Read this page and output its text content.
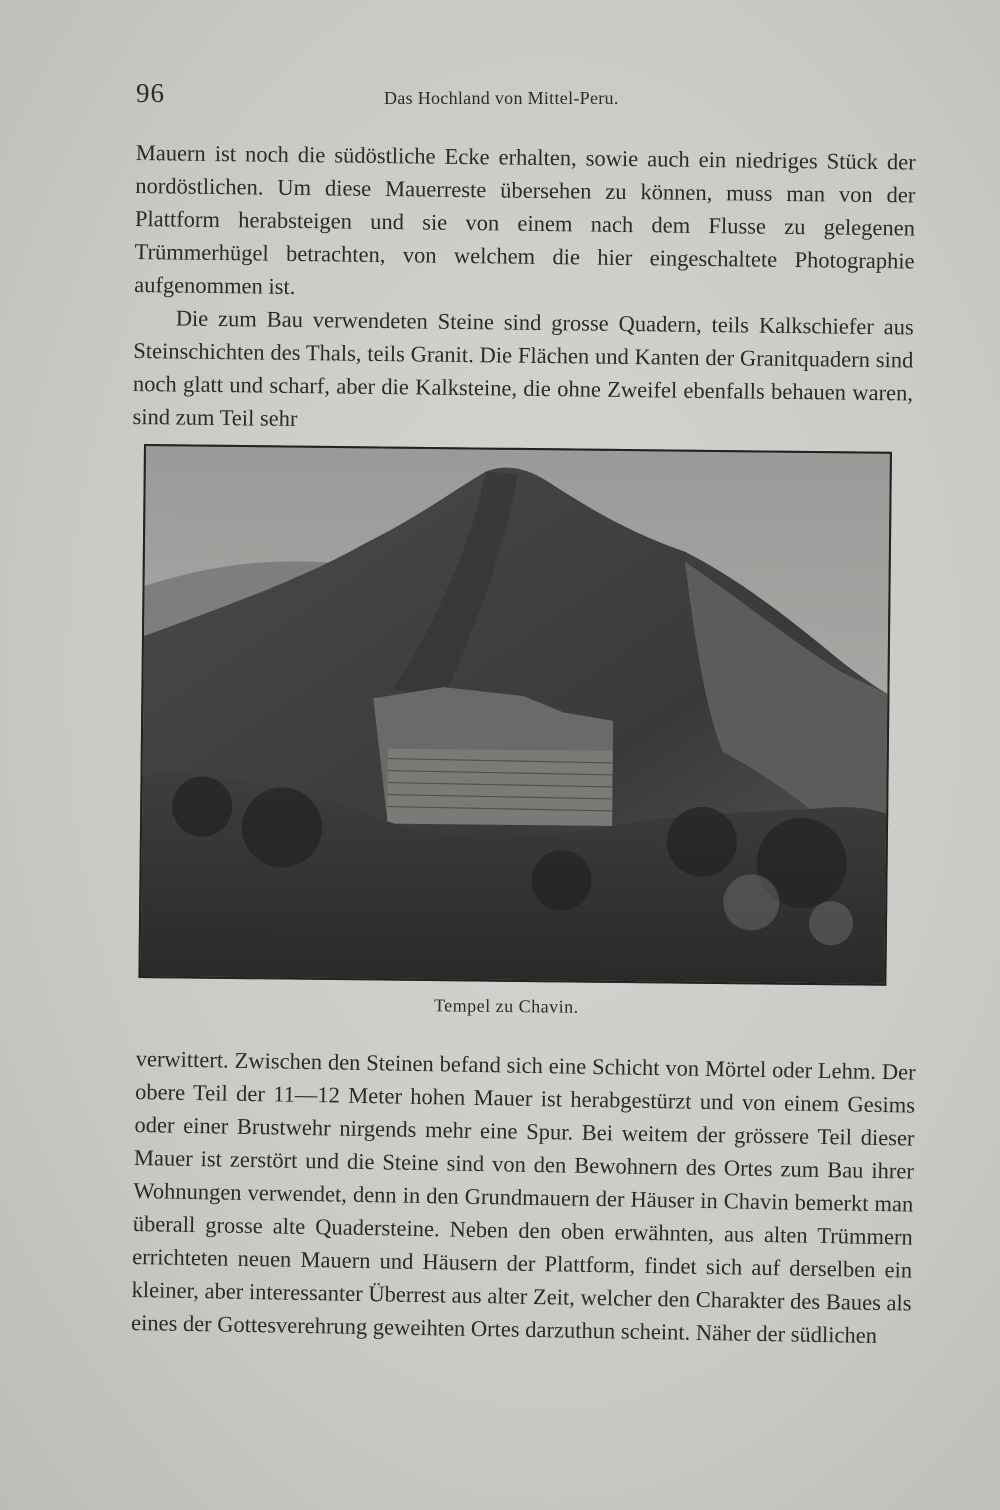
96	Das Hochland von Mittel-Peru.

Mauern ist noch die südöstliche Ecke erhalten, sowie auch ein niedriges Stück der nordöstlichen. Um diese Mauerreste übersehen zu können, muss man von der Plattform herabsteigen und sie von einem nach dem Flusse zu gelegenen Trümmerhügel betrachten, von welchem die hier eingeschaltete Photographie aufgenommen ist.

Die zum Bau verwendeten Steine sind grosse Quadern, teils Kalkschiefer aus Steinschichten des Thals, teils Granit. Die Flächen und Kanten der Granitquadern sind noch glatt und scharf, aber die Kalksteine, die ohne Zweifel ebenfalls behauen waren, sind zum Teil sehr

Tempel zu Chavin.

verwittert. Zwischen den Steinen befand sich eine Schicht von Mörtel oder Lehm. Der obere Teil der 11—12 Meter hohen Mauer ist herabgestürzt und von einem Gesims oder einer Brustwehr nirgends mehr eine Spur. Bei weitem der grössere Teil dieser Mauer ist zerstört und die Steine sind von den Bewohnern des Ortes zum Bau ihrer Wohnungen verwendet, denn in den Grundmauern der Häuser in Chavin bemerkt man überall grosse alte Quadersteine. Neben den oben erwähnten, aus alten Trümmern errichteten neuen Mauern und Häusern der Plattform, findet sich auf derselben ein kleiner, aber interessanter Überrest aus alter Zeit, welcher den Charakter des Baues als eines der Gottesverehrung geweihten Ortes darzuthun scheint. Näher der südlichen
